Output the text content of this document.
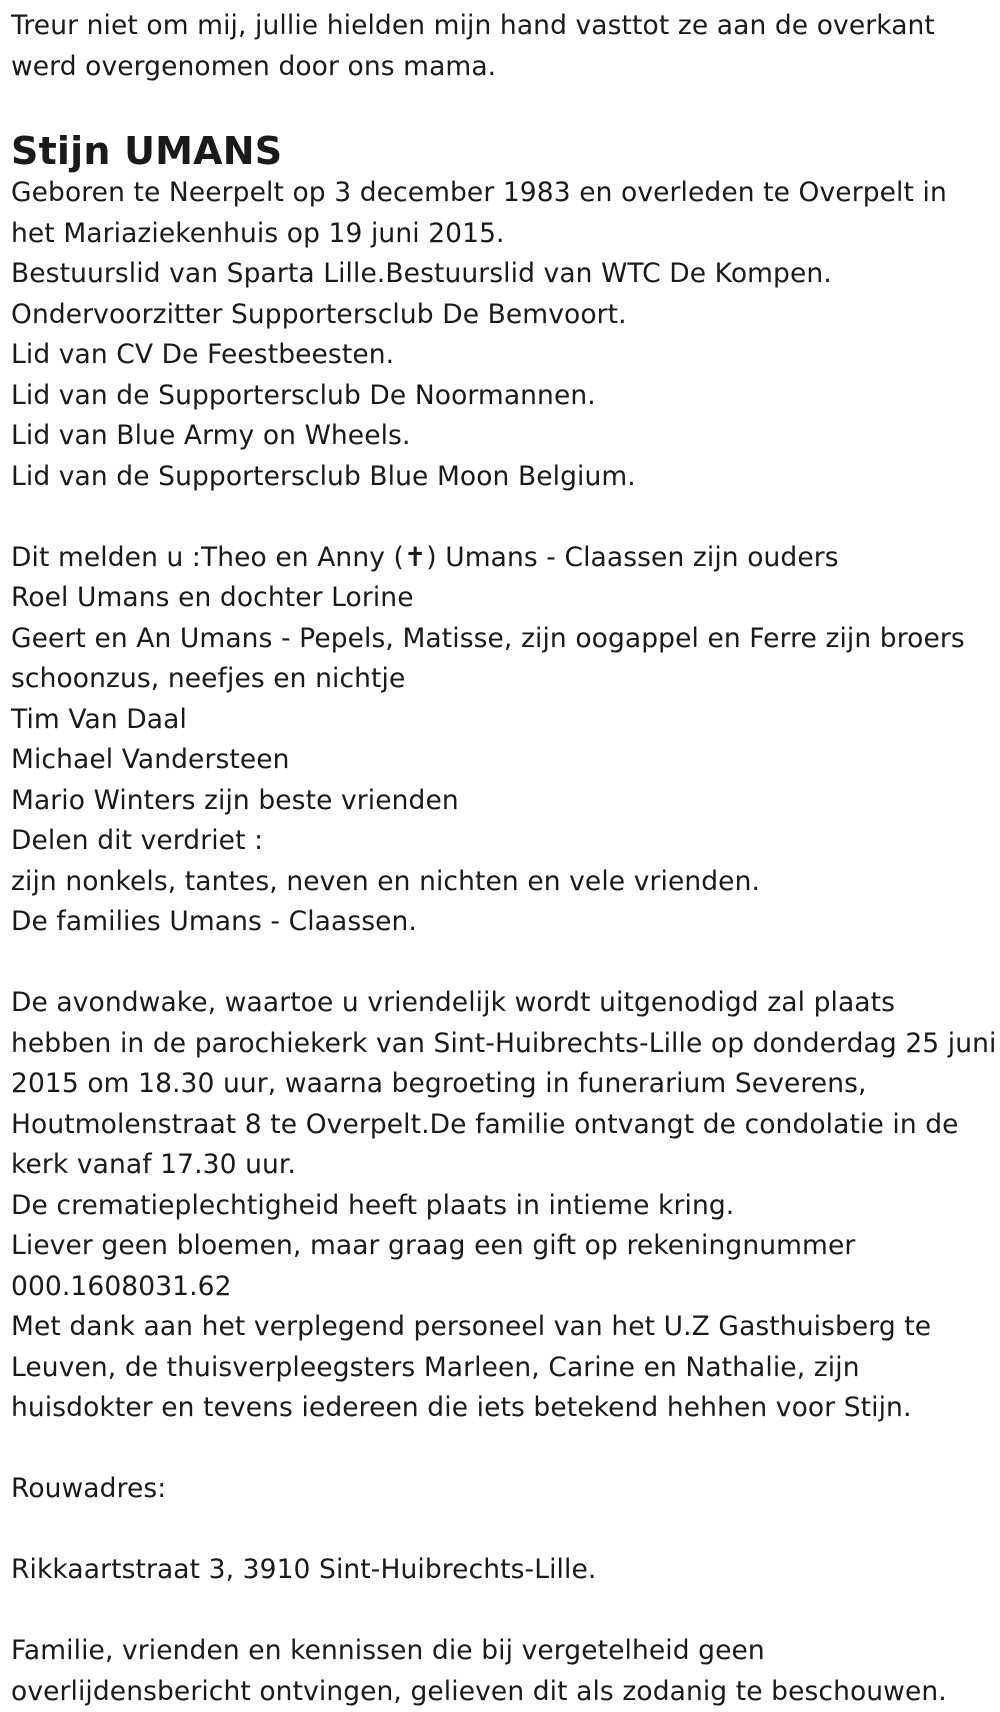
Treur niet om mij, jullie hielden mijn hand vasttot ze aan de overkant
werd overgenomen door ons mama.
Stijn UMANS
Geboren te Neerpelt op 3 december 1983 en overleden te Overpelt in
het Mariaziekenhuis op 19 juni 2015.
Bestuurslid van Sparta Lille.Bestuurslid van WTC De Kompen.
Ondervoorzitter Supportersclub De Bemvoort.
Lid van CV De Feestbeesten.
Lid van de Supportersclub De Noormannen.
Lid van Blue Army on Wheels.
Lid van de Supportersclub Blue Moon Belgium.
Dit melden u :Theo en Anny (✝) Umans - Claassen zijn ouders
Roel Umans en dochter Lorine
Geert en An Umans - Pepels, Matisse, zijn oogappel en Ferre zijn broers
schoonzus, neefjes en nichtje
Tim Van Daal
Michael Vandersteen
Mario Winters zijn beste vrienden
Delen dit verdriet :
zijn nonkels, tantes, neven en nichten en vele vrienden.
De families Umans - Claassen.
De avondwake, waartoe u vriendelijk wordt uitgenodigd zal plaats
hebben in de parochiekerk van Sint-Huibrechts-Lille op donderdag 25 juni
2015 om 18.30 uur, waarna begroeting in funerarium Severens,
Houtmolenstraat 8 te Overpelt.De familie ontvangt de condolatie in de
kerk vanaf 17.30 uur.
De crematieplechtigheid heeft plaats in intieme kring.
Liever geen bloemen, maar graag een gift op rekeningnummer
000.1608031.62
Met dank aan het verplegend personeel van het U.Z Gasthuisberg te
Leuven, de thuisverpleegsters Marleen, Carine en Nathalie, zijn
huisdokter en tevens iedereen die iets betekend hehhen voor Stijn.
Rouwadres:
Rikkaartstraat 3, 3910 Sint-Huibrechts-Lille.
Familie, vrienden en kennissen die bij vergetelheid geen
overlijdensbericht ontvingen, gelieven dit als zodanig te beschouwen.
